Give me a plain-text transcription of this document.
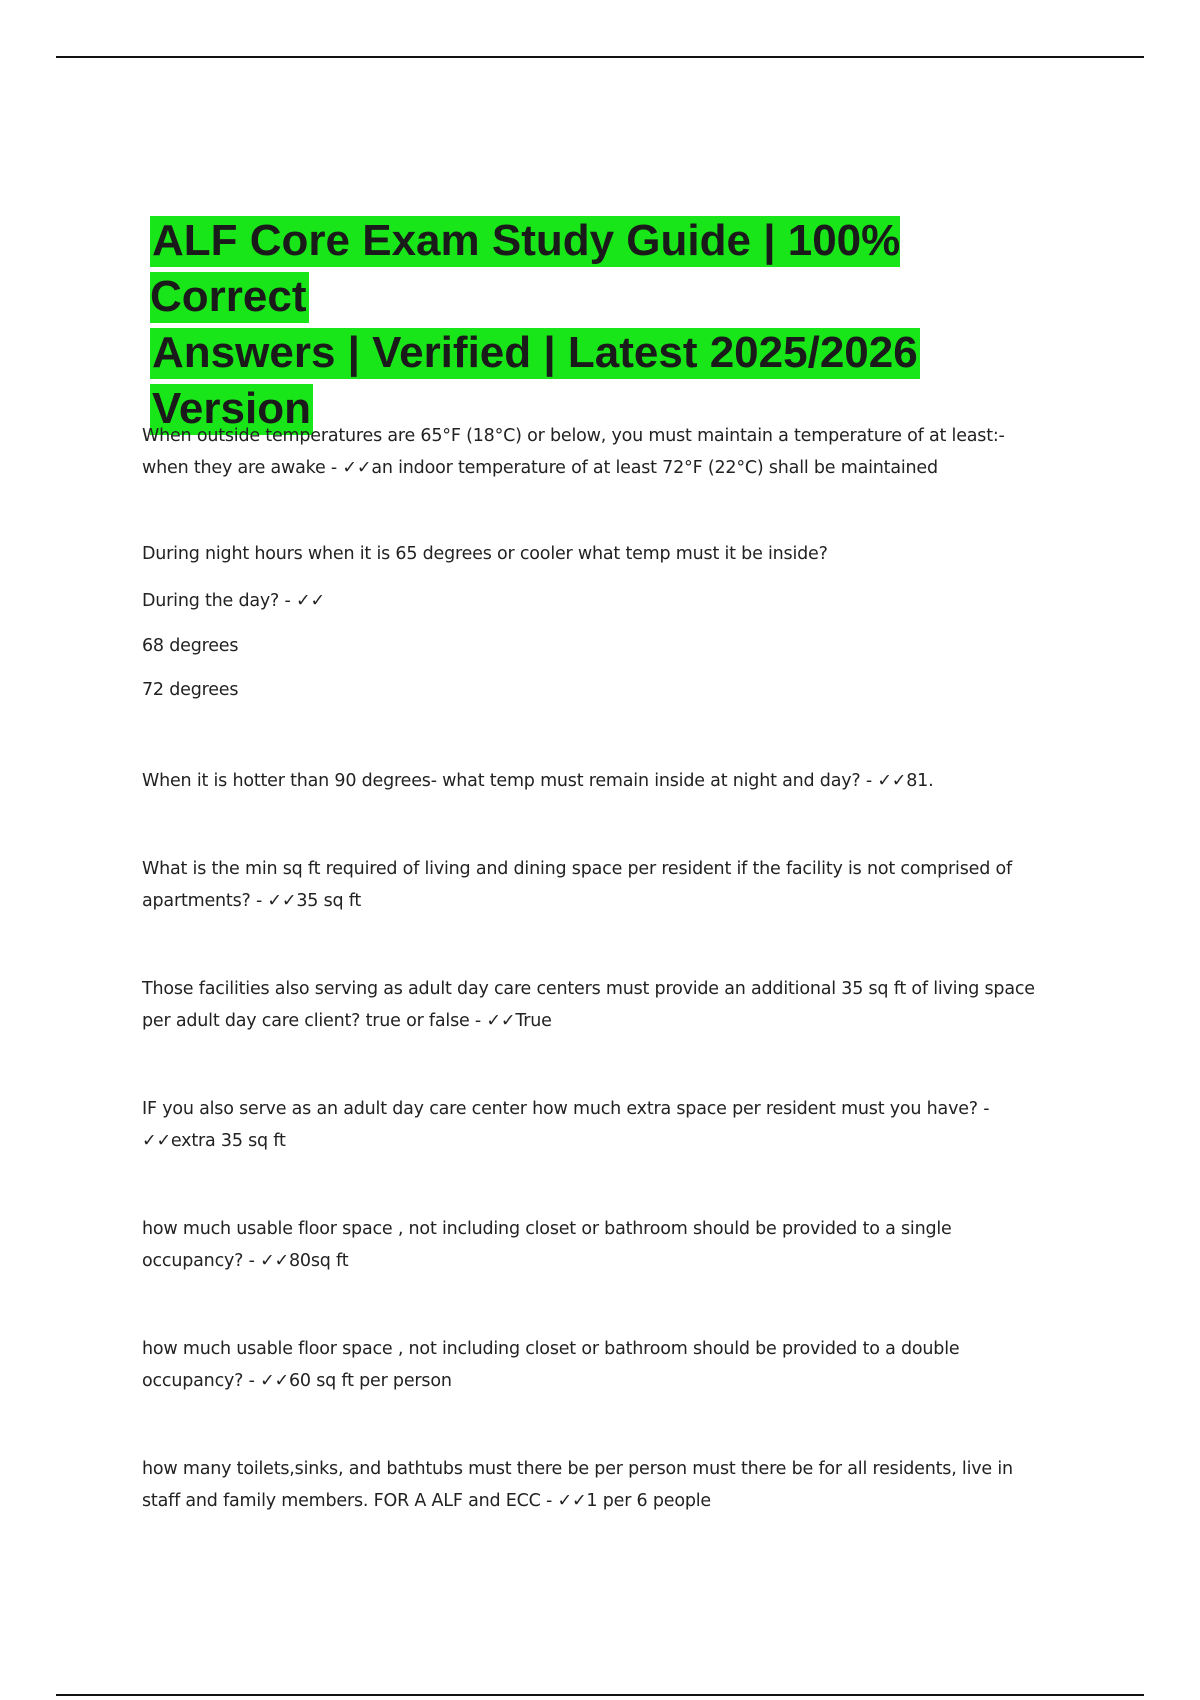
ALF Core Exam Study Guide | 100% Correct
Answers | Verified | Latest 2025/2026
Version
When outside temperatures are 65°F (18°C) or below, you must maintain a temperature of at least:-
when they are awake - ✓✓an indoor temperature of at least 72°F (22°C) shall be maintained
During night hours when it is 65 degrees or cooler what temp must it be inside?
During the day? - ✓✓
68 degrees
72 degrees
When it is hotter than 90 degrees- what temp must remain inside at night and day? - ✓✓81.
What is the min sq ft required of living and dining space per resident if the facility is not comprised of
apartments? - ✓✓35 sq ft
Those facilities also serving as adult day care centers must provide an additional 35 sq ft of living space
per adult day care client? true or false - ✓✓True
IF you also serve as an adult day care center how much extra space per resident must you have? -
✓✓extra 35 sq ft
how much usable floor space , not including closet or bathroom should be provided to a single
occupancy? - ✓✓80sq ft
how much usable floor space , not including closet or bathroom should be provided to a double
occupancy? - ✓✓60 sq ft per person
how many toilets,sinks, and bathtubs must there be per person must there be for all residents, live in
staff and family members. FOR A ALF and ECC - ✓✓1 per 6 people
